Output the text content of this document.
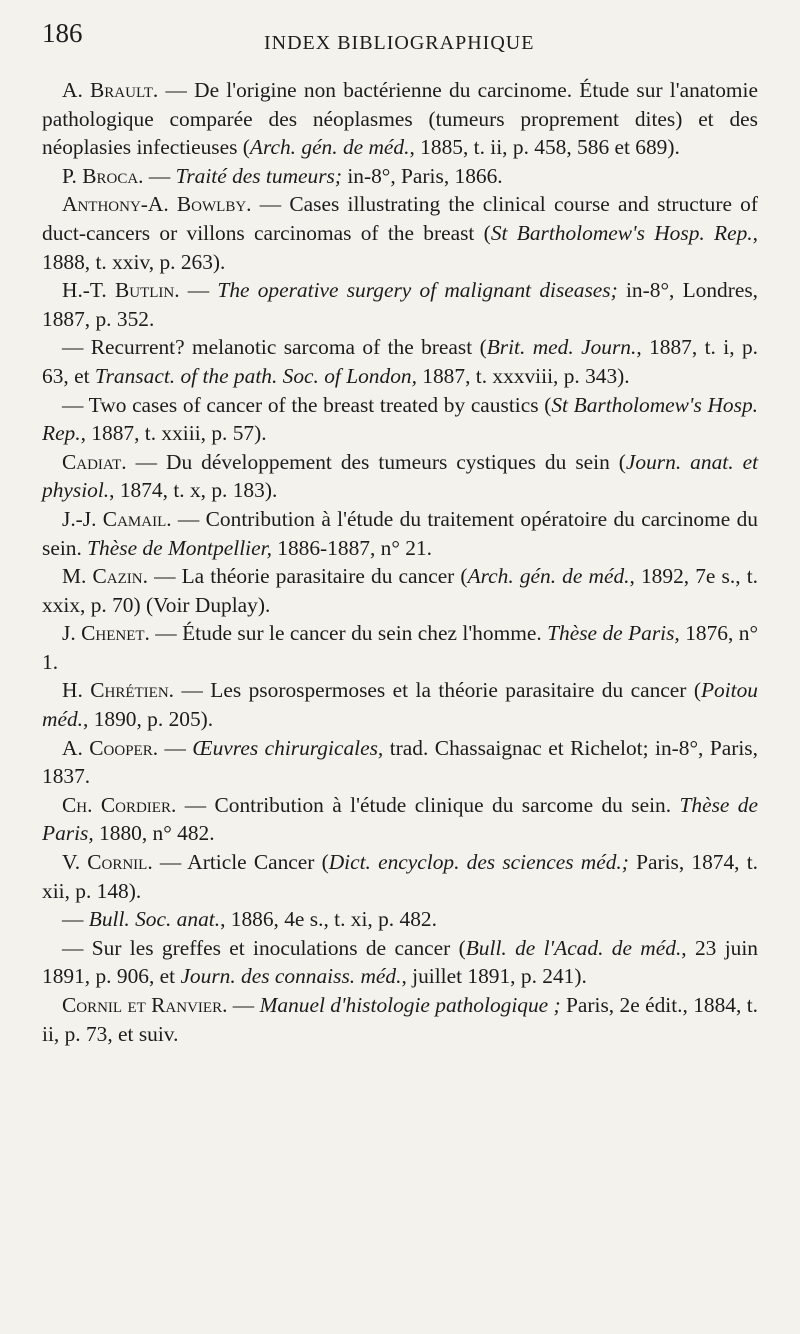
186	INDEX BIBLIOGRAPHIQUE

A. Brault. — De l'origine non bactérienne du carcinome. Étude sur l'anatomie pathologique comparée des néoplasmes (tumeurs proprement dites) et des néoplasies infectieuses (Arch. gén. de méd., 1885, t. ii, p. 458, 586 et 689).

P. Broca. — Traité des tumeurs; in-8°, Paris, 1866.

Anthony-A. Bowlby. — Cases illustrating the clinical course and structure of duct-cancers or villons carcinomas of the breast (St Bartholomew's Hosp. Rep., 1888, t. xxiv, p. 263).

H.-T. Butlin. — The operative surgery of malignant diseases; in-8°, Londres, 1887, p. 352.

— Recurrent? melanotic sarcoma of the breast (Brit. med. Journ., 1887, t. i, p. 63, et Transact. of the path. Soc. of London, 1887, t. xxxviii, p. 343).

— Two cases of cancer of the breast treated by caustics (St Bartholomew's Hosp. Rep., 1887, t. xxiii, p. 57).

Cadiat. — Du développement des tumeurs cystiques du sein (Journ. anat. et physiol., 1874, t. x, p. 183).

J.-J. Camail. — Contribution à l'étude du traitement opératoire du carcinome du sein. Thèse de Montpellier, 1886-1887, n° 21.

M. Cazin. — La théorie parasitaire du cancer (Arch. gén. de méd., 1892, 7e s., t. xxix, p. 70) (Voir Duplay).

J. Chenet. — Étude sur le cancer du sein chez l'homme. Thèse de Paris, 1876, n° 1.

H. Chrétien. — Les psorospermoses et la théorie parasitaire du cancer (Poitou méd., 1890, p. 205).

A. Cooper. — Œuvres chirurgicales, trad. Chassaignac et Richelot; in-8°, Paris, 1837.

Ch. Cordier. — Contribution à l'étude clinique du sarcome du sein. Thèse de Paris, 1880, n° 482.

V. Cornil. — Article Cancer (Dict. encyclop. des sciences méd.; Paris, 1874, t. xii, p. 148).

— Bull. Soc. anat., 1886, 4e s., t. xi, p. 482.

— Sur les greffes et inoculations de cancer (Bull. de l'Acad. de méd., 23 juin 1891, p. 906, et Journ. des connaiss. méd., juillet 1891, p. 241).

Cornil et Ranvier. — Manuel d'histologie pathologique ; Paris, 2e édit., 1884, t. ii, p. 73, et suiv.
